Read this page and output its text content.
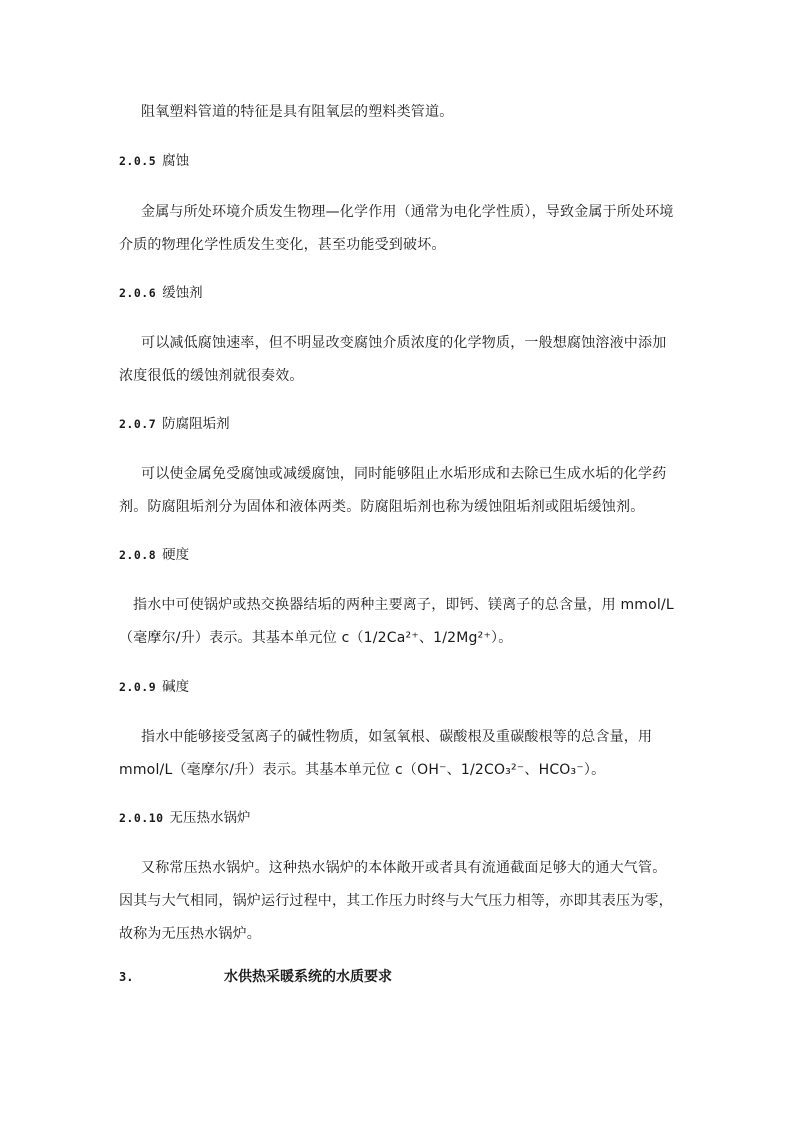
阻氧塑料管道的特征是具有阻氧层的塑料类管道。

2.0.5 腐蚀

金属与所处环境介质发生物理—化学作用（通常为电化学性质），导致金属于所处环境介质的物理化学性质发生变化，甚至功能受到破坏。

2.0.6 缓蚀剂

可以减低腐蚀速率，但不明显改变腐蚀介质浓度的化学物质，一般想腐蚀溶液中添加浓度很低的缓蚀剂就很奏效。

2.0.7 防腐阻垢剂

可以使金属免受腐蚀或减缓腐蚀，同时能够阻止水垢形成和去除已生成水垢的化学药剂。防腐阻垢剂分为固体和液体两类。防腐阻垢剂也称为缓蚀阻垢剂或阻垢缓蚀剂。

2.0.8 硬度

指水中可使锅炉或热交换器结垢的两种主要离子，即钙、镁离子的总含量，用 mmol/L（毫摩尔/升）表示。其基本单元位 c（1/2Ca²⁺、1/2Mg²⁺）。

2.0.9 碱度

指水中能够接受氢离子的碱性物质，如氢氧根、碳酸根及重碳酸根等的总含量，用 mmol/L（毫摩尔/升）表示。其基本单元位 c（OH⁻、1/2CO₃²⁻、HCO₃⁻）。

2.0.10 无压热水锅炉

又称常压热水锅炉。这种热水锅炉的本体敞开或者具有流通截面足够大的通大气管。因其与大气相同，锅炉运行过程中，其工作压力时终与大气压力相等，亦即其表压为零，故称为无压热水锅炉。

3.	水供热采暖系统的水质要求
